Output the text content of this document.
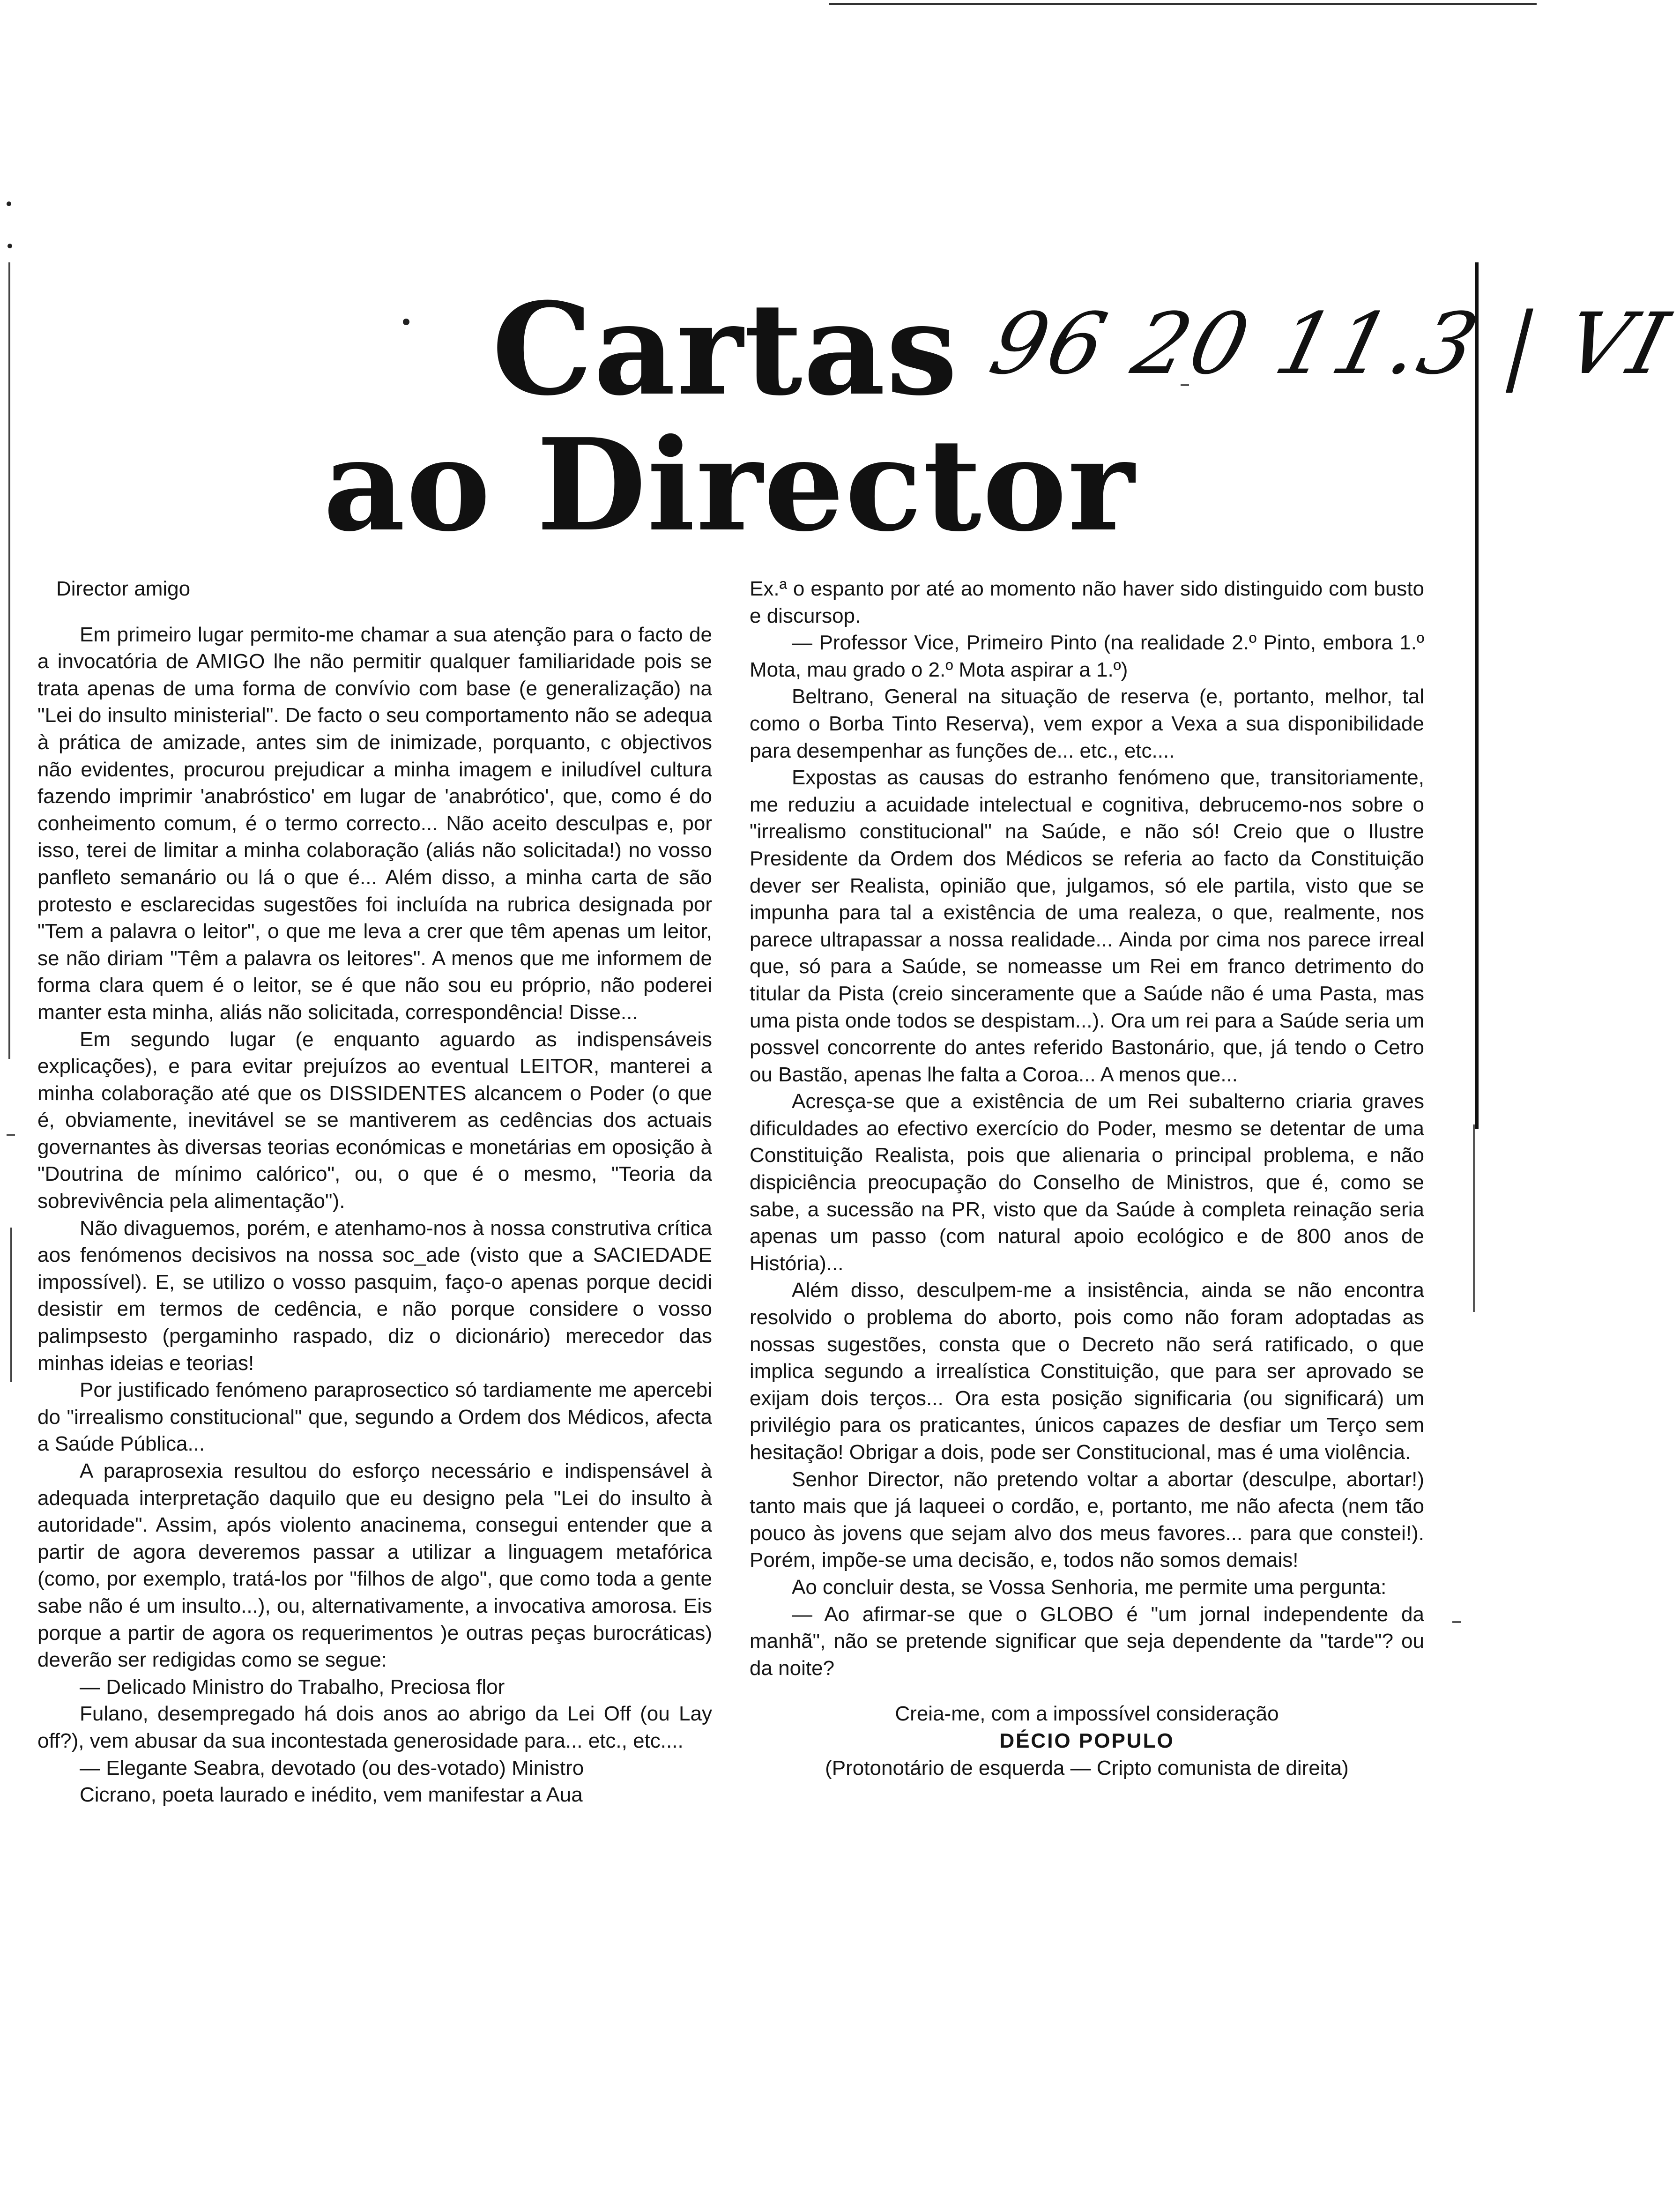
Cartas
ao Director
96 20 11.3 | VI

Director amigo

Em primeiro lugar permito-me chamar a sua atenção para o facto de a invocatória de AMIGO lhe não permitir qualquer familiaridade pois se trata apenas de uma forma de convívio com base (e generalização) na "Lei do insulto ministerial". De facto o seu comportamento não se adequa à prática de amizade, antes sim de inimizade, porquanto, c objectivos não evidentes, procurou prejudicar a minha imagem e iniludível cultura fazendo imprimir 'anabróstico' em lugar de 'anabrótico', que, como é do conheimento comum, é o termo correcto... Não aceito desculpas e, por isso, terei de limitar a minha colaboração (aliás não solicitada!) no vosso panfleto semanário ou lá o que é... Além disso, a minha carta de são protesto e esclarecidas sugestões foi incluída na rubrica designada por "Tem a palavra o leitor", o que me leva a crer que têm apenas um leitor, se não diriam "Têm a palavra os leitores". A menos que me informem de forma clara quem é o leitor, se é que não sou eu próprio, não poderei manter esta minha, aliás não solicitada, correspondência! Disse...

Em segundo lugar (e enquanto aguardo as indispensáveis explicações), e para evitar prejuízos ao eventual LEITOR, manterei a minha colaboração até que os DISSIDENTES alcancem o Poder (o que é, obviamente, inevitável se se mantiverem as cedências dos actuais governantes às diversas teorias económicas e monetárias em oposição à "Doutrina de mínimo calórico", ou, o que é o mesmo, "Teoria da sobrevivência pela alimentação").

Não divaguemos, porém, e atenhamo-nos à nossa construtiva crítica aos fenómenos decisivos na nossa soc_ade (visto que a SACIEDADE impossível). E, se utilizo o vosso pasquim, faço-o apenas porque decidi desistir em termos de cedência, e não porque considere o vosso palimpsesto (pergaminho raspado, diz o dicionário) merecedor das minhas ideias e teorias!

Por justificado fenómeno paraprosectico só tardiamente me apercebi do "irrealismo constitucional" que, segundo a Ordem dos Médicos, afecta a Saúde Pública...

A paraprosexia resultou do esforço necessário e indispensável à adequada interpretação daquilo que eu designo pela "Lei do insulto à autoridade". Assim, após violento anacinema, consegui entender que a partir de agora deveremos passar a utilizar a linguagem metafórica (como, por exemplo, tratá-los por "filhos de algo", que como toda a gente sabe não é um insulto...), ou, alternativamente, a invocativa amorosa. Eis porque a partir de agora os requerimentos )e outras peças burocráticas) deverão ser redigidas como se segue:

— Delicado Ministro do Trabalho, Preciosa flor

Fulano, desempregado há dois anos ao abrigo da Lei Off (ou Lay off?), vem abusar da sua incontestada generosidade para... etc., etc....

— Elegante Seabra, devotado (ou des-votado) Ministro

Cicrano, poeta laurado e inédito, vem manifestar a Aua

Ex.ª o espanto por até ao momento não haver sido distinguido com busto e discursop.

— Professor Vice, Primeiro Pinto (na realidade 2.º Pinto, embora 1.º Mota, mau grado o 2.º Mota aspirar a 1.º)

Beltrano, General na situação de reserva (e, portanto, melhor, tal como o Borba Tinto Reserva), vem expor a Vexa a sua disponibilidade para desempenhar as funções de... etc., etc....

Expostas as causas do estranho fenómeno que, transitoriamente, me reduziu a acuidade intelectual e cognitiva, debrucemo-nos sobre o "irrealismo constitucional" na Saúde, e não só! Creio que o Ilustre Presidente da Ordem dos Médicos se referia ao facto da Constituição dever ser Realista, opinião que, julgamos, só ele partila, visto que se impunha para tal a existência de uma realeza, o que, realmente, nos parece ultrapassar a nossa realidade... Ainda por cima nos parece irreal que, só para a Saúde, se nomeasse um Rei em franco detrimento do titular da Pista (creio sinceramente que a Saúde não é uma Pasta, mas uma pista onde todos se despistam...). Ora um rei para a Saúde seria um possvel concorrente do antes referido Bastonário, que, já tendo o Cetro ou Bastão, apenas lhe falta a Coroa... A menos que...

Acresça-se que a existência de um Rei subalterno criaria graves dificuldades ao efectivo exercício do Poder, mesmo se detentar de uma Constituição Realista, pois que alienaria o principal problema, e não dispiciência preocupação do Conselho de Ministros, que é, como se sabe, a sucessão na PR, visto que da Saúde à completa reinação seria apenas um passo (com natural apoio ecológico e de 800 anos de História)...

Além disso, desculpem-me a insistência, ainda se não encontra resolvido o problema do aborto, pois como não foram adoptadas as nossas sugestões, consta que o Decreto não será ratificado, o que implica segundo a irrealística Constituição, que para ser aprovado se exijam dois terços... Ora esta posição significaria (ou significará) um privilégio para os praticantes, únicos capazes de desfiar um Terço sem hesitação! Obrigar a dois, pode ser Constitucional, mas é uma violência.

Senhor Director, não pretendo voltar a abortar (desculpe, abortar!) tanto mais que já laqueei o cordão, e, portanto, me não afecta (nem tão pouco às jovens que sejam alvo dos meus favores... para que constei!). Porém, impõe-se uma decisão, e, todos não somos demais!

Ao concluir desta, se Vossa Senhoria, me permite uma pergunta:

— Ao afirmar-se que o GLOBO é "um jornal independente da manhã", não se pretende significar que seja dependente da "tarde"? ou da noite?

Creia-me, com a impossível consideração

DÉCIO POPULO

(Protonotário de esquerda — Cripto comunista de direita)
